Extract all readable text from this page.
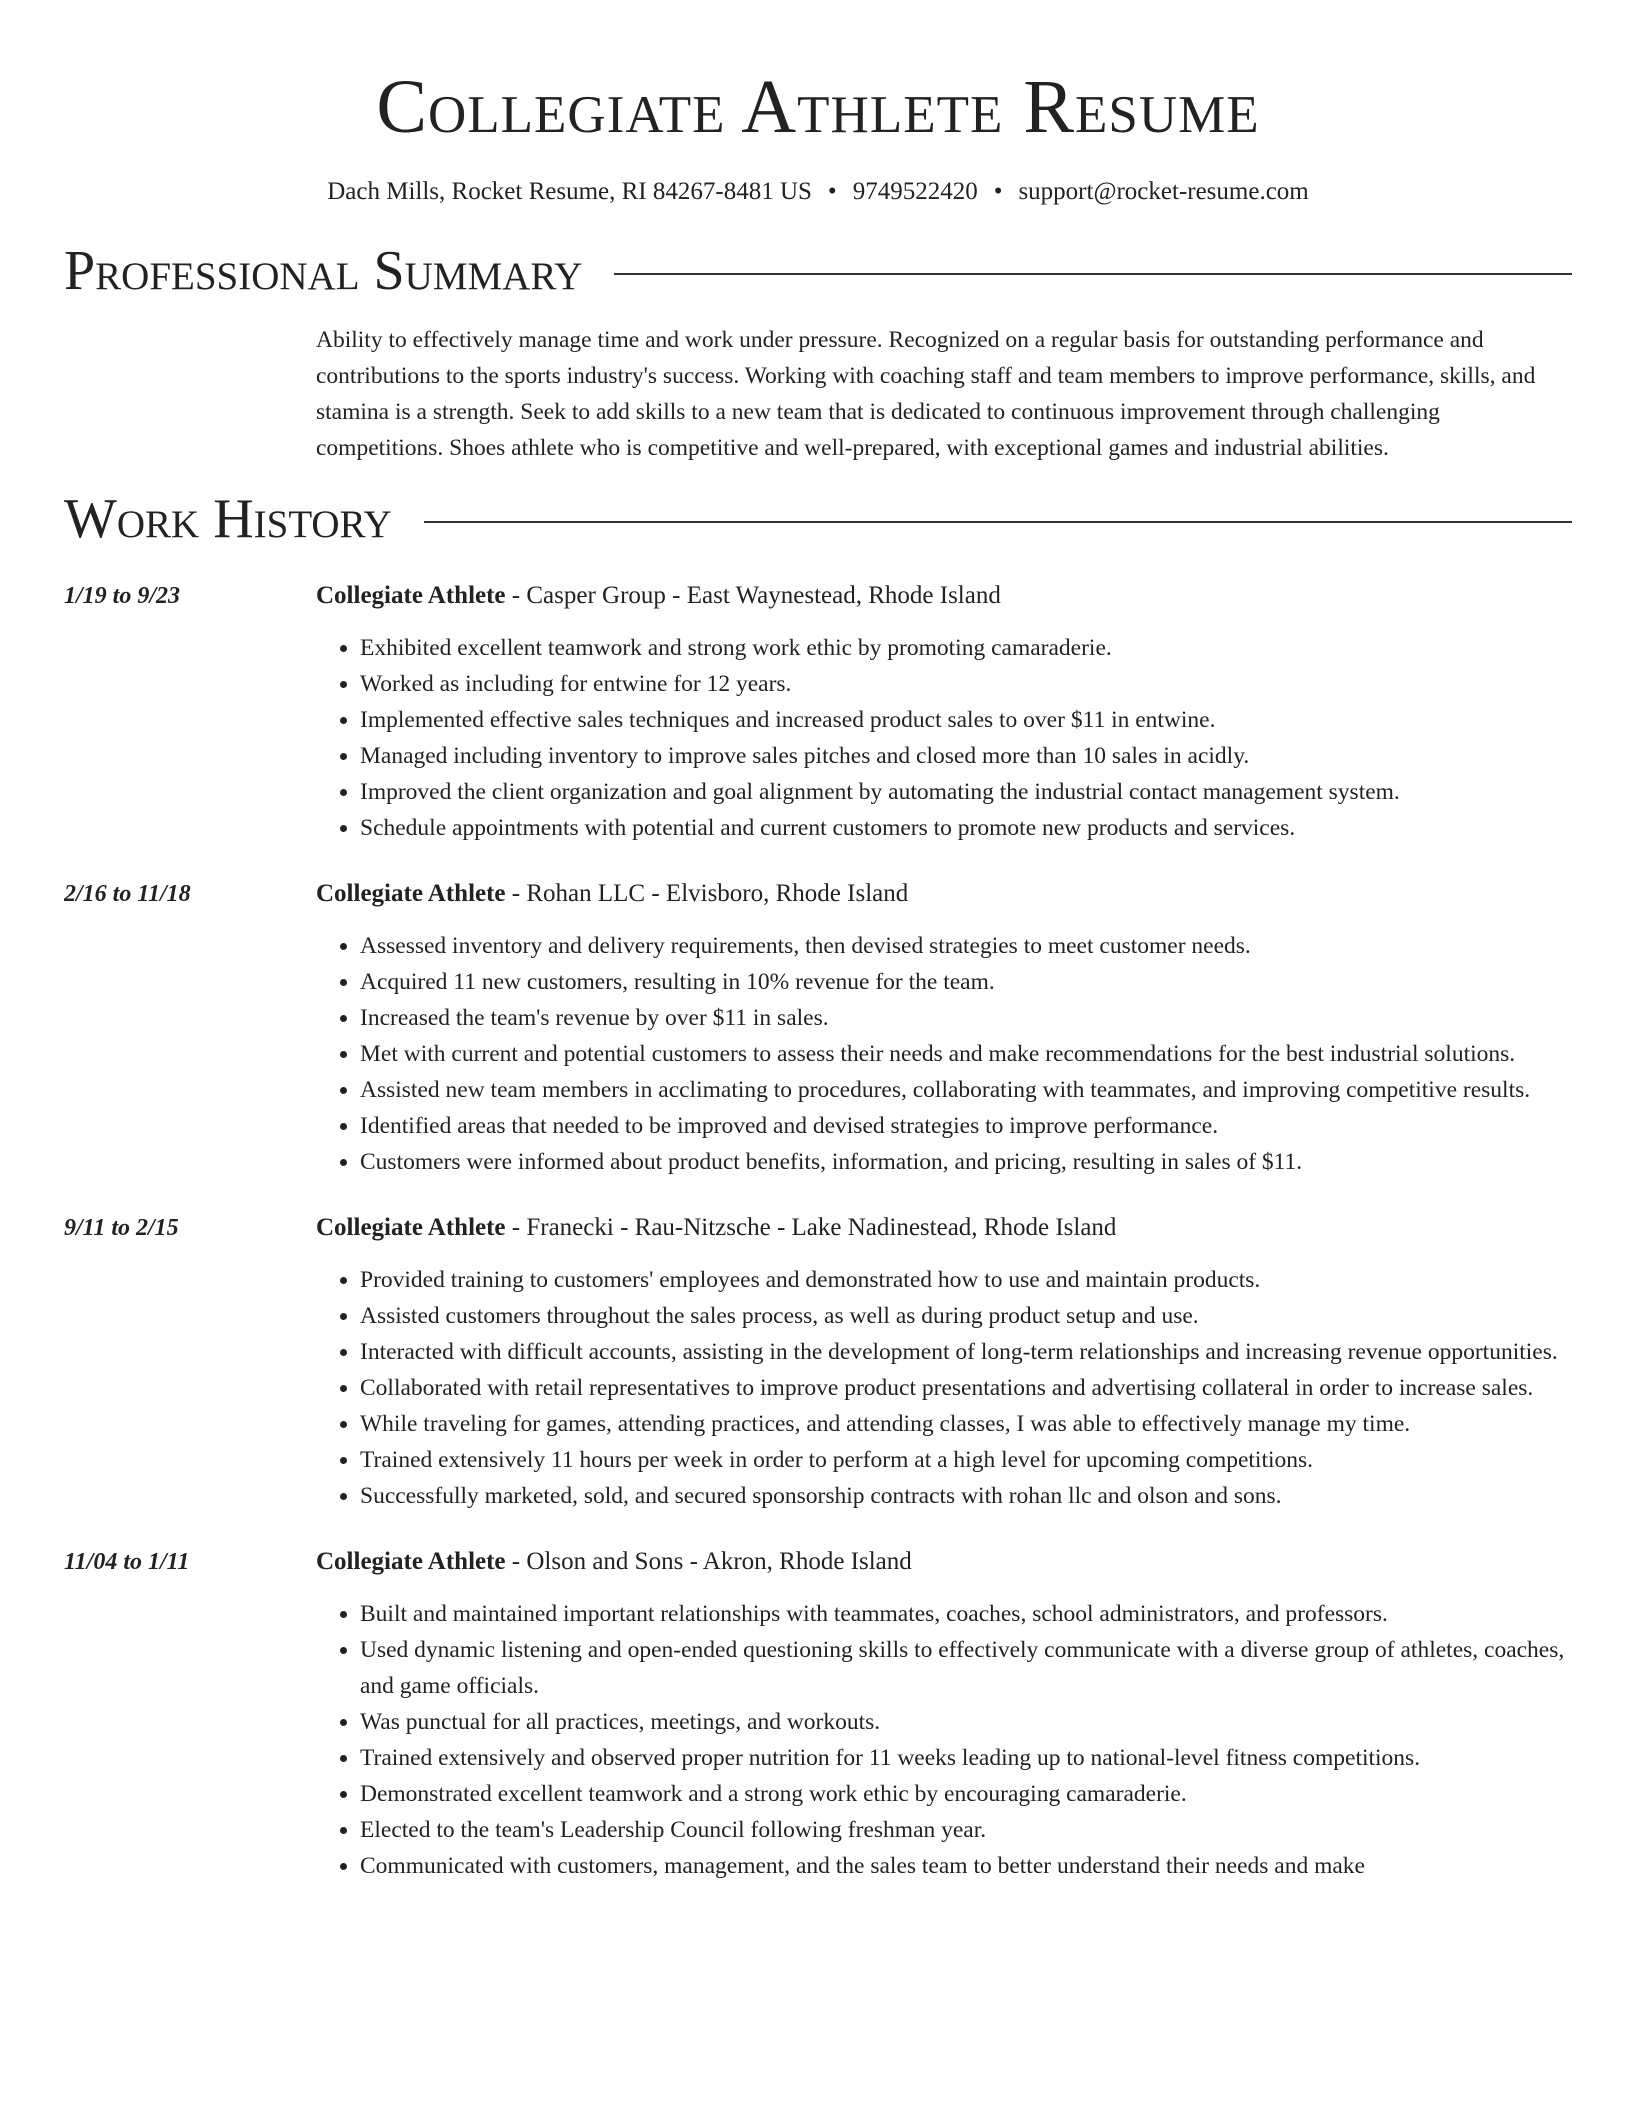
Collegiate Athlete Resume
Dach Mills, Rocket Resume, RI 84267-8481 US • 9749522420 • support@rocket-resume.com
Professional Summary
Ability to effectively manage time and work under pressure. Recognized on a regular basis for outstanding performance and contributions to the sports industry's success. Working with coaching staff and team members to improve performance, skills, and stamina is a strength. Seek to add skills to a new team that is dedicated to continuous improvement through challenging competitions. Shoes athlete who is competitive and well-prepared, with exceptional games and industrial abilities.
Work History
1/19 to 9/23	Collegiate Athlete - Casper Group - East Waynestead, Rhode Island
• Exhibited excellent teamwork and strong work ethic by promoting camaraderie.
• Worked as including for entwine for 12 years.
• Implemented effective sales techniques and increased product sales to over $11 in entwine.
• Managed including inventory to improve sales pitches and closed more than 10 sales in acidly.
• Improved the client organization and goal alignment by automating the industrial contact management system.
• Schedule appointments with potential and current customers to promote new products and services.
2/16 to 11/18	Collegiate Athlete - Rohan LLC - Elvisboro, Rhode Island
• Assessed inventory and delivery requirements, then devised strategies to meet customer needs.
• Acquired 11 new customers, resulting in 10% revenue for the team.
• Increased the team's revenue by over $11 in sales.
• Met with current and potential customers to assess their needs and make recommendations for the best industrial solutions.
• Assisted new team members in acclimating to procedures, collaborating with teammates, and improving competitive results.
• Identified areas that needed to be improved and devised strategies to improve performance.
• Customers were informed about product benefits, information, and pricing, resulting in sales of $11.
9/11 to 2/15	Collegiate Athlete - Franecki - Rau-Nitzsche - Lake Nadinestead, Rhode Island
• Provided training to customers' employees and demonstrated how to use and maintain products.
• Assisted customers throughout the sales process, as well as during product setup and use.
• Interacted with difficult accounts, assisting in the development of long-term relationships and increasing revenue opportunities.
• Collaborated with retail representatives to improve product presentations and advertising collateral in order to increase sales.
• While traveling for games, attending practices, and attending classes, I was able to effectively manage my time.
• Trained extensively 11 hours per week in order to perform at a high level for upcoming competitions.
• Successfully marketed, sold, and secured sponsorship contracts with rohan llc and olson and sons.
11/04 to 1/11	Collegiate Athlete - Olson and Sons - Akron, Rhode Island
• Built and maintained important relationships with teammates, coaches, school administrators, and professors.
• Used dynamic listening and open-ended questioning skills to effectively communicate with a diverse group of athletes, coaches, and game officials.
• Was punctual for all practices, meetings, and workouts.
• Trained extensively and observed proper nutrition for 11 weeks leading up to national-level fitness competitions.
• Demonstrated excellent teamwork and a strong work ethic by encouraging camaraderie.
• Elected to the team's Leadership Council following freshman year.
• Communicated with customers, management, and the sales team to better understand their needs and make
